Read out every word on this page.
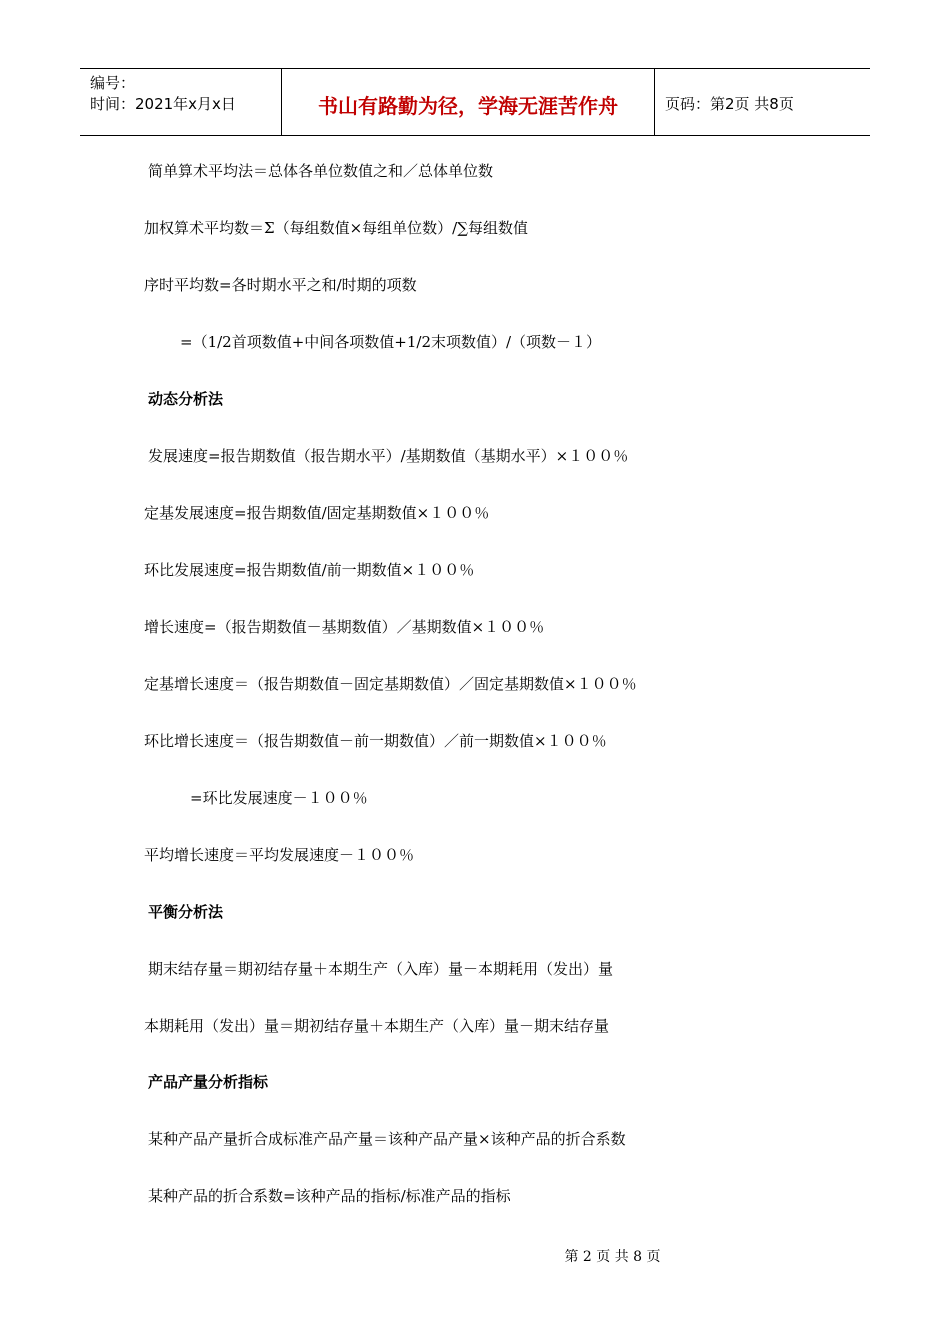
编号：
时间：2021年x月x日	书山有路勤为径，学海无涯苦作舟	页码：第2页 共8页
简单算术平均法＝总体各单位数值之和／总体单位数
加权算术平均数＝Σ（每组数值×每组单位数）/∑每组数值
序时平均数=各时期水平之和/时期的项数
=（1/2首项数值+中间各项数值+1/2末项数值）/（项数－１）
动态分析法
发展速度=报告期数值（报告期水平）/基期数值（基期水平）×１００％
定基发展速度=报告期数值/固定基期数值×１００％
环比发展速度=报告期数值/前一期数值×１００％
增长速度=（报告期数值－基期数值）／基期数值×１００％
定基增长速度＝（报告期数值－固定基期数值）／固定基期数值×１００％
环比增长速度＝（报告期数值－前一期数值）／前一期数值×１００％
=环比发展速度－１００％
平均增长速度＝平均发展速度－１００％
平衡分析法
期末结存量＝期初结存量＋本期生产（入库）量－本期耗用（发出）量
本期耗用（发出）量＝期初结存量＋本期生产（入库）量－期末结存量
产品产量分析指标
某种产品产量折合成标准产品产量＝该种产品产量×该种产品的折合系数
某种产品的折合系数=该种产品的指标/标准产品的指标
第 2 页 共 8 页
